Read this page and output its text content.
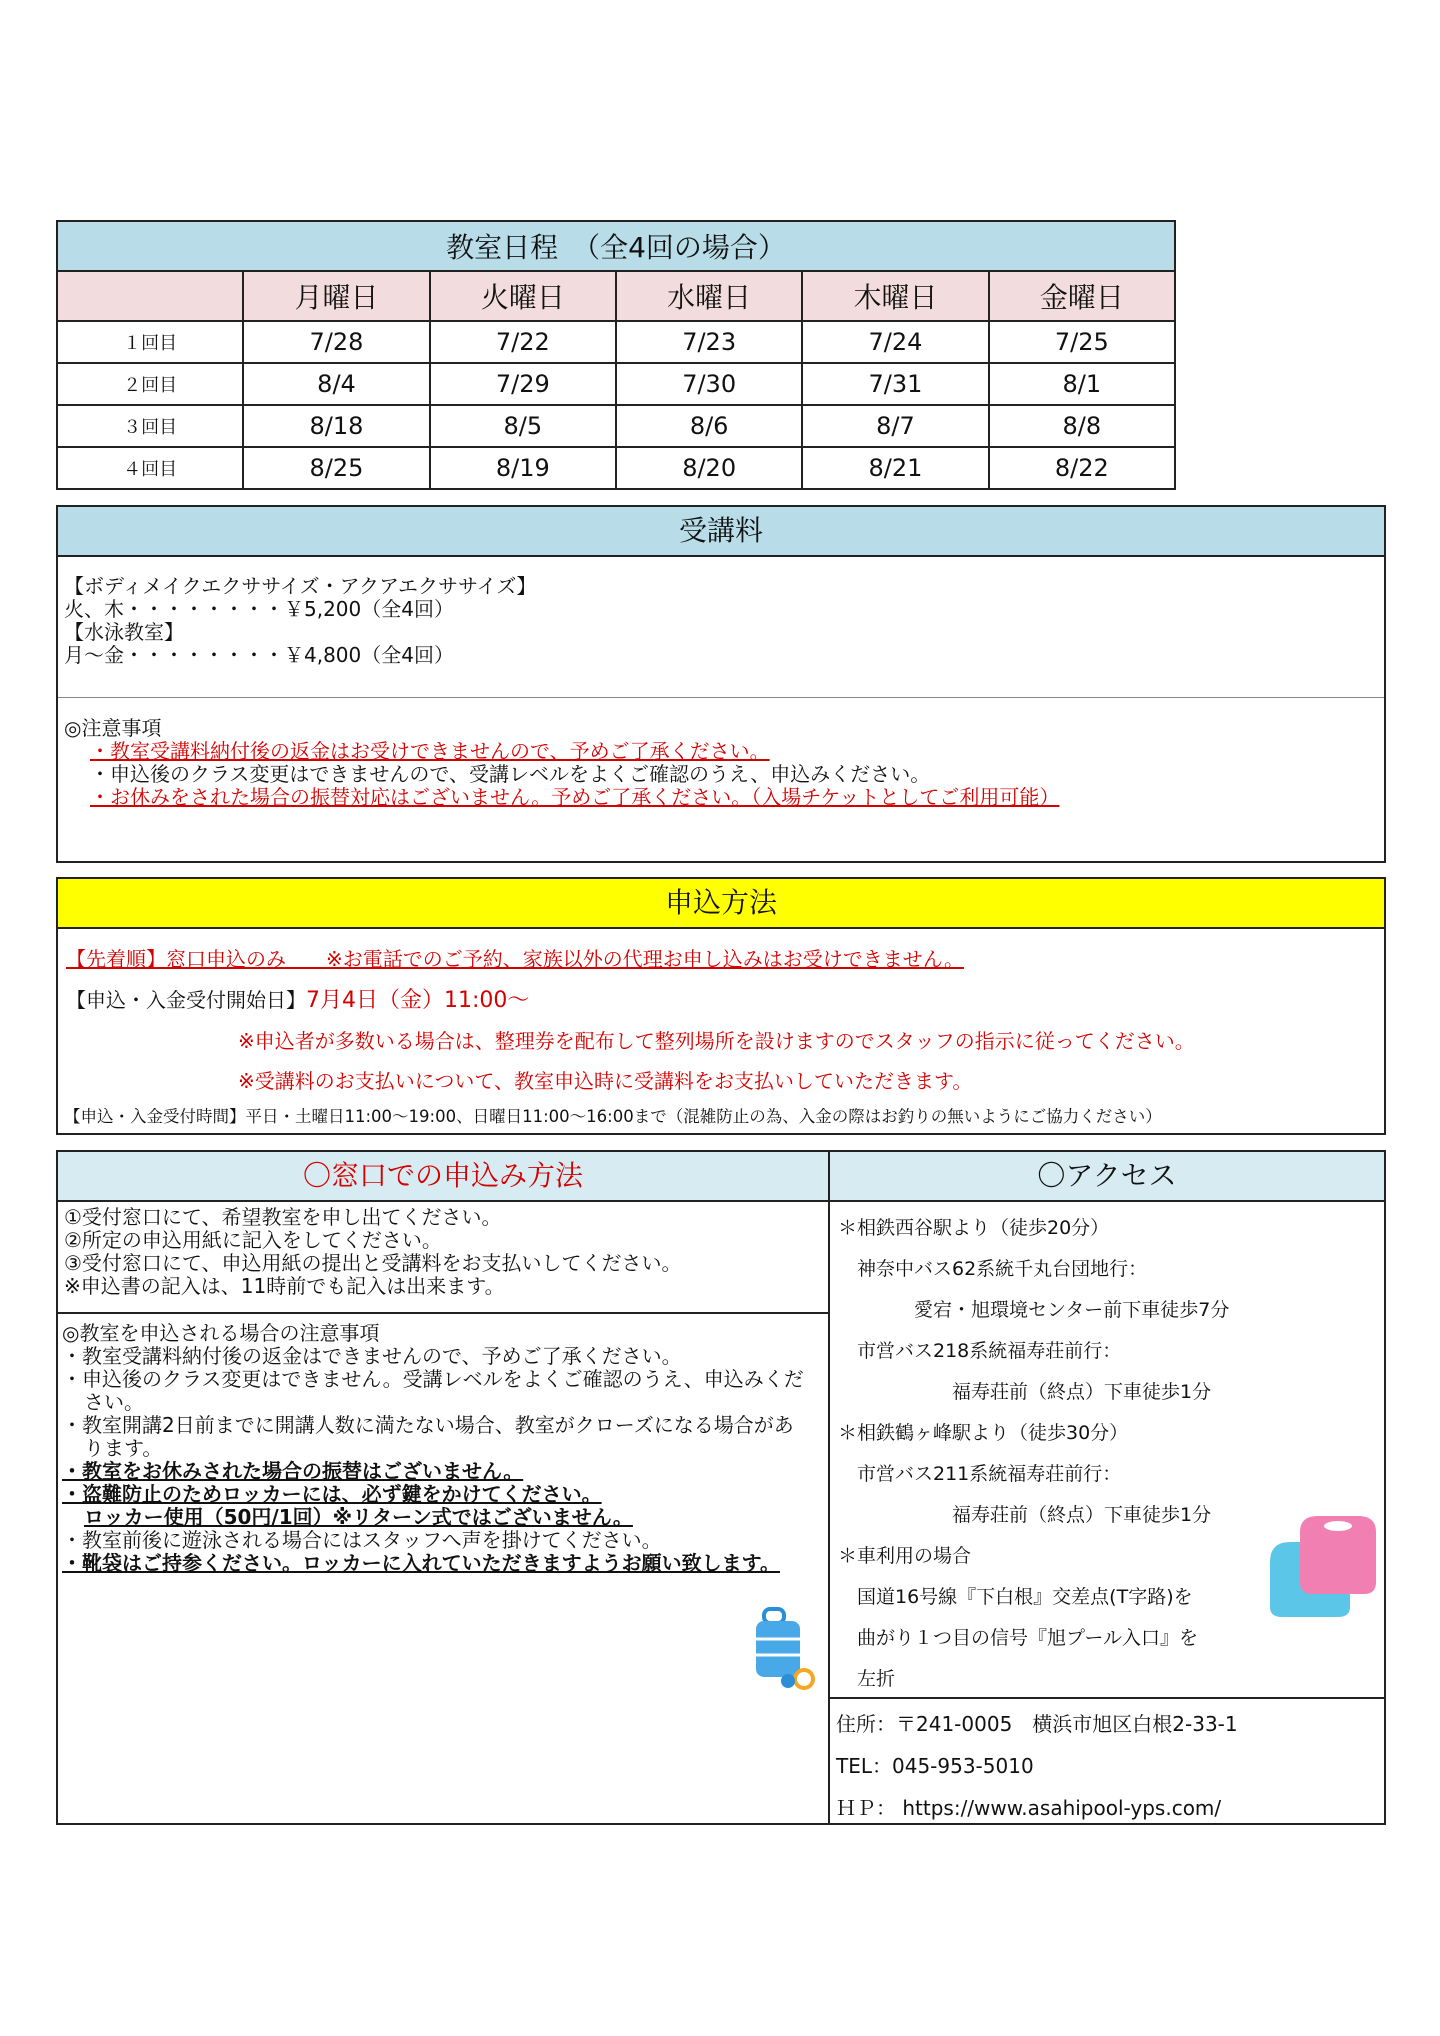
教室日程　（全4回の場合）					
	月曜日	火曜日	水曜日	木曜日	金曜日
１回目	7/28	7/22	7/23	7/24	7/25
２回目	8/4	7/29	7/30	7/31	8/1
３回目	8/18	8/5	8/6	8/7	8/8
４回目	8/25	8/19	8/20	8/21	8/22
受講料
【ボディメイクエクササイズ・アクアエクササイズ】
火、木・・・・・・・・￥5,200（全4回）
【水泳教室】
月～金・・・・・・・・￥4,800（全4回）
◎注意事項
・教室受講料納付後の返金はお受けできませんので、予めご了承ください。
・申込後のクラス変更はできませんので、受講レベルをよくご確認のうえ、申込みください。
・お休みをされた場合の振替対応はございません。予めご了承ください。（入場チケットとしてご利用可能）
申込方法
【先着順】窓口申込のみ　　※お電話でのご予約、家族以外の代理お申し込みはお受けできません。
【申込・入金受付開始日】7月4日（金）11:00～
※申込者が多数いる場合は、整理券を配布して整列場所を設けますのでスタッフの指示に従ってください。
※受講料のお支払いについて、教室申込時に受講料をお支払いしていただきます。
【申込・入金受付時間】平日・土曜日11:00～19:00、日曜日11:00～16:00まで（混雑防止の為、入金の際はお釣りの無いようにご協力ください）
〇窓口での申込み方法
①受付窓口にて、希望教室を申し出てください。
②所定の申込用紙に記入をしてください。
③受付窓口にて、申込用紙の提出と受講料をお支払いしてください。
※申込書の記入は、11時前でも記入は出来ます。
◎教室を申込される場合の注意事項
・教室受講料納付後の返金はできませんので、予めご了承ください。
・申込後のクラス変更はできません。受講レベルをよくご確認のうえ、申込みください。
・教室開講2日前までに開講人数に満たない場合、教室がクローズになる場合があります。
・教室をお休みされた場合の振替はございません。
・盗難防止のためロッカーには、必ず鍵をかけてください。
ロッカー使用（50円/1回）※リターン式ではございません。
・教室前後に遊泳される場合にはスタッフへ声を掛けてください。
・靴袋はご持参ください。ロッカーに入れていただきますようお願い致します。
〇アクセス
＊相鉄西谷駅より（徒歩20分）
　神奈中バス62系統千丸台団地行：
　　　　愛宕・旭環境センター前下車徒歩7分
　市営バス218系統福寿荘前行：
　　　　　　福寿荘前（終点）下車徒歩1分
＊相鉄鶴ヶ峰駅より（徒歩30分）
　市営バス211系統福寿荘前行：
　　　　　　福寿荘前（終点）下車徒歩1分
＊車利用の場合
　国道16号線『下白根』交差点(T字路)を
　曲がり１つ目の信号『旭プール入口』を
　左折
住所：〒241-0005　横浜市旭区白根2-33-1
TEL：045-953-5010
ＨＰ： https://www.asahipool-yps.com/
